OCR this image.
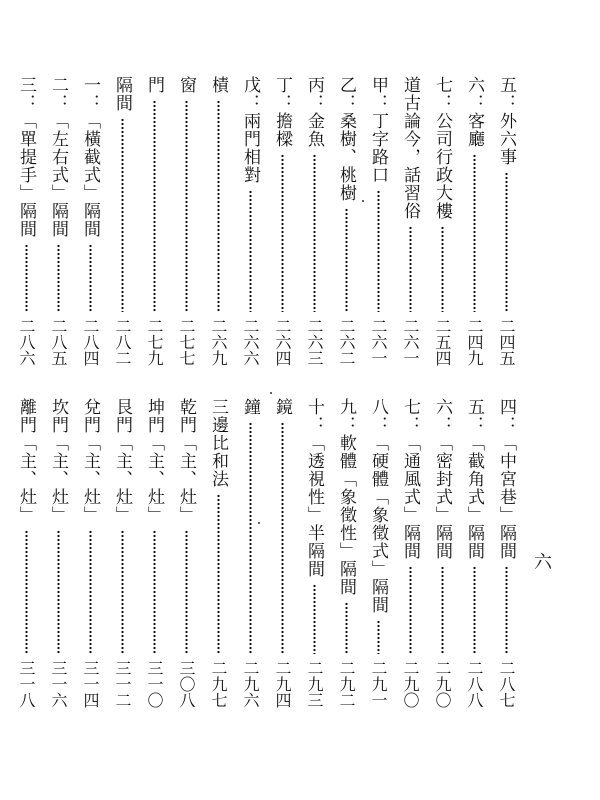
五：外六事
二四五
六：客廳
二四九
七：公司行政大樓
二五四
道古論今，話習俗
二六一
甲：丁字路口
二六一
乙：桑樹、桃樹
二六二
丙：金魚
二六三
丁：擔樑
二六四
戊：兩門相對
二六六
樍
二六九
窗
二七七
門
二七九
隔間
二八二
一：「橫截式」隔間
二八四
二：「左右式」隔間
二八五
三：「單提手」隔間
二八六
四：「中宮巷」隔間
二八七
五：「截角式」隔間
二八八
六：「密封式」隔間
二九〇
七：「通風式」隔間
二九〇
八：「硬體「象徵式」隔間
二九一
九：軟體「象徵性」隔間
二九二
十：「透視性」半隔間
二九三
鏡
二九四
鐘
二九六
三邊比和法
二九七
乾門「主、灶」
三〇八
坤門「主、灶」
三一〇
艮門「主、灶」
三一二
兌門「主、灶」
三一四
坎門「主、灶」
三一六
離門「主、灶」
三一八
六
